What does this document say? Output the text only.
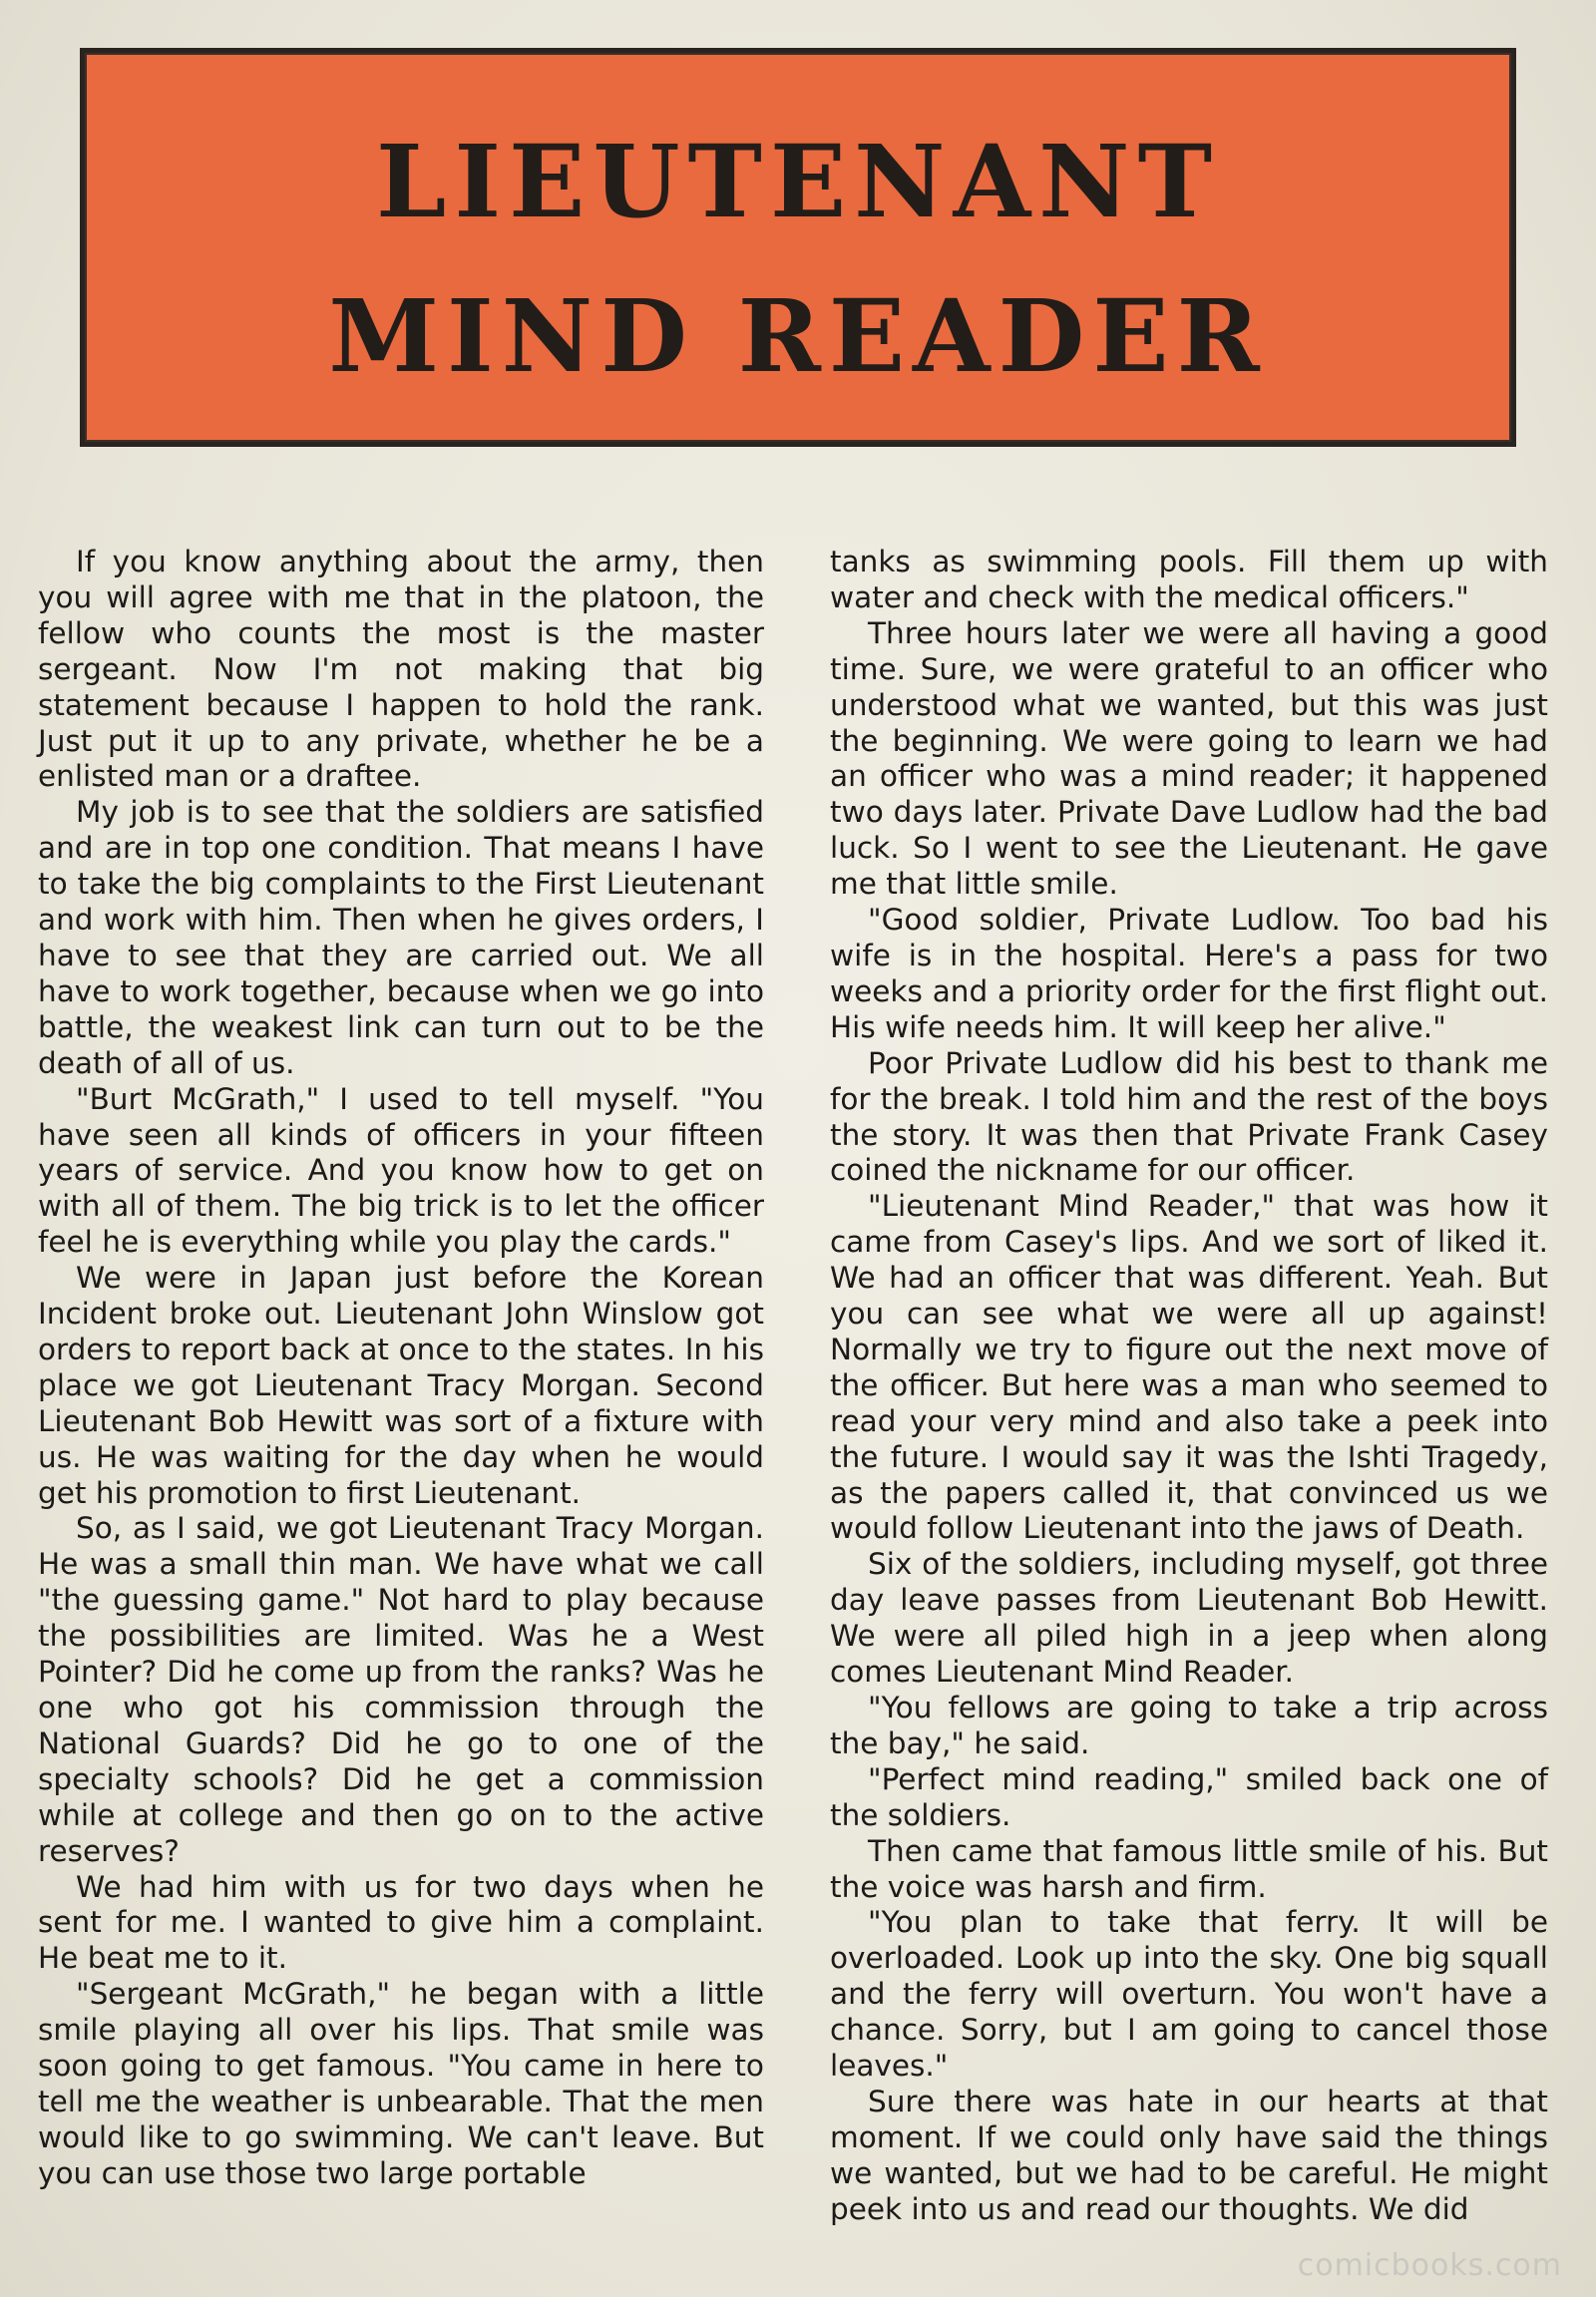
LIEUTENANT
MIND READER

If you know anything about the army, then you will agree with me that in the platoon, the fellow who counts the most is the master sergeant. Now I'm not making that big statement because I happen to hold the rank. Just put it up to any private, whether he be a enlisted man or a draftee.

My job is to see that the soldiers are satisfied and are in top one condition. That means I have to take the big complaints to the First Lieutenant and work with him. Then when he gives orders, I have to see that they are carried out. We all have to work together, because when we go into battle, the weakest link can turn out to be the death of all of us.

"Burt McGrath," I used to tell myself. "You have seen all kinds of officers in your fifteen years of service. And you know how to get on with all of them. The big trick is to let the officer feel he is everything while you play the cards."

We were in Japan just before the Korean Incident broke out. Lieutenant John Winslow got orders to report back at once to the states. In his place we got Lieutenant Tracy Morgan. Second Lieutenant Bob Hewitt was sort of a fixture with us. He was waiting for the day when he would get his promotion to first Lieutenant.

So, as I said, we got Lieutenant Tracy Morgan. He was a small thin man. We have what we call "the guessing game." Not hard to play because the possibilities are limited. Was he a West Pointer? Did he come up from the ranks? Was he one who got his commission through the National Guards? Did he go to one of the specialty schools? Did he get a commission while at college and then go on to the active reserves?

We had him with us for two days when he sent for me. I wanted to give him a complaint. He beat me to it.

"Sergeant McGrath," he began with a little smile playing all over his lips. That smile was soon going to get famous. "You came in here to tell me the weather is unbearable. That the men would like to go swimming. We can't leave. But you can use those two large portable

tanks as swimming pools. Fill them up with water and check with the medical officers."

Three hours later we were all having a good time. Sure, we were grateful to an officer who understood what we wanted, but this was just the beginning. We were going to learn we had an officer who was a mind reader; it happened two days later. Private Dave Ludlow had the bad luck. So I went to see the Lieutenant. He gave me that little smile.

"Good soldier, Private Ludlow. Too bad his wife is in the hospital. Here's a pass for two weeks and a priority order for the first flight out. His wife needs him. It will keep her alive."

Poor Private Ludlow did his best to thank me for the break. I told him and the rest of the boys the story. It was then that Private Frank Casey coined the nickname for our officer.

"Lieutenant Mind Reader," that was how it came from Casey's lips. And we sort of liked it. We had an officer that was different. Yeah. But you can see what we were all up against! Normally we try to figure out the next move of the officer. But here was a man who seemed to read your very mind and also take a peek into the future. I would say it was the Ishti Tragedy, as the papers called it, that convinced us we would follow Lieutenant into the jaws of Death.

Six of the soldiers, including myself, got three day leave passes from Lieutenant Bob Hewitt. We were all piled high in a jeep when along comes Lieutenant Mind Reader.

"You fellows are going to take a trip across the bay," he said.

"Perfect mind reading," smiled back one of the soldiers.

Then came that famous little smile of his. But the voice was harsh and firm.

"You plan to take that ferry. It will be overloaded. Look up into the sky. One big squall and the ferry will overturn. You won't have a chance. Sorry, but I am going to cancel those leaves."

Sure there was hate in our hearts at that moment. If we could only have said the things we wanted, but we had to be careful. He might peek into us and read our thoughts. We did

comicbooks.com
